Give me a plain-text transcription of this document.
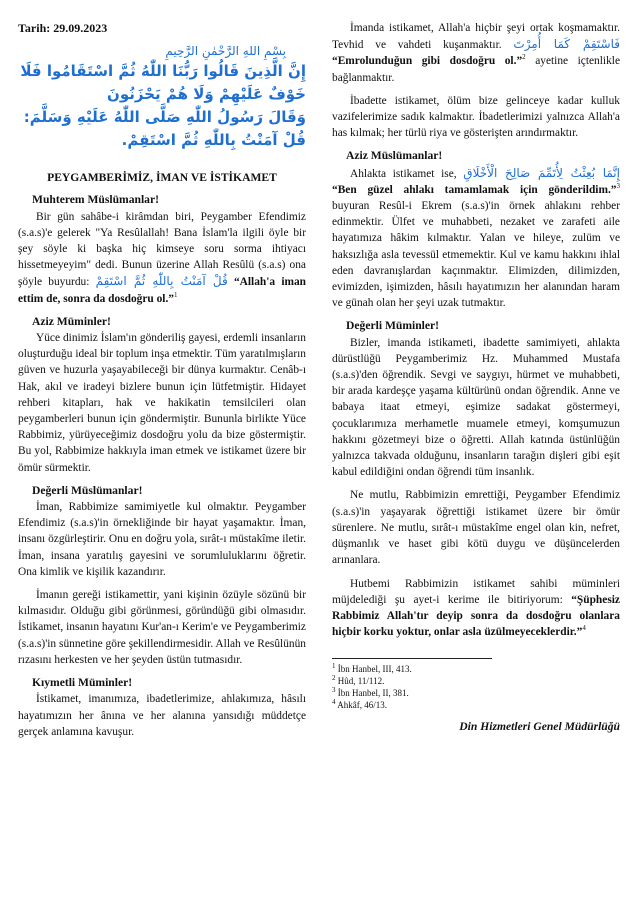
Tarih: 29.09.2023
بِسْمِ اللهِ الرَّحْمٰنِ الرَّحِيمِ
إِنَّ الَّذِينَ قَالُوا رَبُّنَا اللّٰهُ ثُمَّ اسْتَقَامُوا فَلَا خَوْفٌ عَلَيْهِمْ وَلَا هُمْ يَحْزَنُونَ
وَقَالَ رَسُولُ اللّٰهِ صَلَّى اللّٰهُ عَلَيْهِ وَسَلَّمَ:
قُلْ آمَنْتُ بِاللّٰهِ ثُمَّ اسْتَقِمْ.
PEYGAMBERİMİZ, İMAN VE İSTİKAMET
Muhterem Müslümanlar!

Bir gün sahâbe-i kirâmdan biri, Peygamber Efendimiz (s.a.s)'e gelerek "Ya Resûlallah! Bana İslam'la ilgili öyle bir şey söyle ki başka hiç kimseye soru sorma ihtiyacı hissetmeyeyim" dedi. Bunun üzerine Allah Resûlü (s.a.s) ona şöyle buyurdu: قُلْ آمَنْتُ بِاللّٰهِ ثُمَّ اسْتَقِمْ “Allah'a iman ettim de, sonra da dosdoğru ol.”$^1$

Aziz Müminler!

Yüce dinimiz İslam'ın gönderiliş gayesi, erdemli insanların oluşturduğu ideal bir toplum inşa etmektir. Tüm yaratılmışların güven ve huzurla yaşayabileceği bir dünya kurmaktır. Cenâb-ı Hak, akıl ve iradeyi bizlere bunun için lütfetmiştir. Hidayet rehberi kitapları, hak ve hakikatin temsilcileri olan peygamberleri bunun için göndermiştir. Bununla birlikte Yüce Rabbimiz, yürüyeceğimiz dosdoğru yolu da bize göstermiştir. Bu yol, Rabbimize hakkıyla iman etmek ve istikamet üzere bir ömür sürmektir.

Değerli Müslümanlar!

İman, Rabbimize samimiyetle kul olmaktır. Peygamber Efendimiz (s.a.s)'in örnekliğinde bir hayat yaşamaktır. İman, insanı özgürleştirir. Onu en doğru yola, sırât-ı müstakîme iletir. İman, insana yaratılış gayesini ve sorumluluklarını öğretir. Ona kimlik ve kişilik kazandırır.

İmanın gereği istikamettir, yani kişinin özüyle sözünü bir kılmasıdır. Olduğu gibi görünmesi, göründüğü gibi olmasıdır. İstikamet, insanın hayatını Kur'an-ı Kerim'e ve Peygamberimiz (s.a.s)'in sünnetine göre şekillendirmesidir. Allah ve Resûlünün rızasını herkesten ve her şeyden üstün tutmasıdır.

Kıymetli Müminler!

İstikamet, imanımıza, ibadetlerimize, ahlakımıza, hâsılı hayatımızın her ânına ve her alanına yansıdığı müddetçe gerçek anlamına kavuşur.

İmanda istikamet, Allah'a hiçbir şeyi ortak koşmamaktır. Tevhid ve vahdeti kuşanmaktır. فَاسْتَقِمْ كَمَا أُمِرْتَ “Emrolunduğun gibi dosdoğru ol.”$^2$ ayetine içtenlikle bağlanmaktır.

İbadette istikamet, ölüm bize gelinceye kadar kulluk vazifelerimize sadık kalmaktır. İbadetlerimizi yalnızca Allah'a has kılmak; her türlü riya ve gösterişten arındırmaktır.

Aziz Müslümanlar!

Ahlakta istikamet ise, إِنَّمَا بُعِثْتُ لِأُتَمِّمَ صَالِحَ الْأَخْلَاقِ “Ben güzel ahlakı tamamlamak için gönderildim.”$^3$ buyuran Resûl-i Ekrem (s.a.s)'in örnek ahlakını rehber edinmektir. Ülfet ve muhabbeti, nezaket ve zarafeti aile hayatımıza hâkim kılmaktır. Yalan ve hileye, zulüm ve haksızlığa asla tevessül etmemektir. Kul ve kamu hakkını ihlal eden davranışlardan kaçınmaktır. Elimizden, dilimizden, evimizden, işimizden, hâsılı hayatımızın her alanından haram ve günah olan her şeyi uzak tutmaktır.

Değerli Müminler!

Bizler, imanda istikameti, ibadette samimiyeti, ahlakta dürüstlüğü Peygamberimiz Hz. Muhammed Mustafa (s.a.s)'den öğrendik. Sevgi ve saygıyı, hürmet ve muhabbeti, bir arada kardeşçe yaşama kültürünü ondan öğrendik. Anne ve babaya itaat etmeyi, eşimize sadakat göstermeyi, çocuklarımıza merhametle muamele etmeyi, komşumuzun hakkını gözetmeyi bize o öğretti. Allah katında üstünlüğün yalnızca takvada olduğunu, insanların tarağın dişleri gibi eşit kabul edildiğini ondan öğrendi tüm insanlık.

Ne mutlu, Rabbimizin emrettiği, Peygamber Efendimiz (s.a.s)'in yaşayarak öğrettiği istikamet üzere bir ömür sürenlere. Ne mutlu, sırât-ı müstakîme engel olan kin, nefret, düşmanlık ve haset gibi kötü duygu ve düşüncelerden arınanlara.

Hutbemi Rabbimizin istikamet sahibi müminleri müjdelediği şu ayet-i kerime ile bitiriyorum: “Şüphesiz Rabbimiz Allah'tır deyip sonra da dosdoğru olanlara hiçbir korku yoktur, onlar asla üzülmeyeceklerdir.”$^4$

$^1$ İbn Hanbel, III, 413.
$^2$ Hûd, 11/112.
$^3$ İbn Hanbel, II, 381.
$^4$ Ahkâf, 46/13.
Din Hizmetleri Genel Müdürlüğü
